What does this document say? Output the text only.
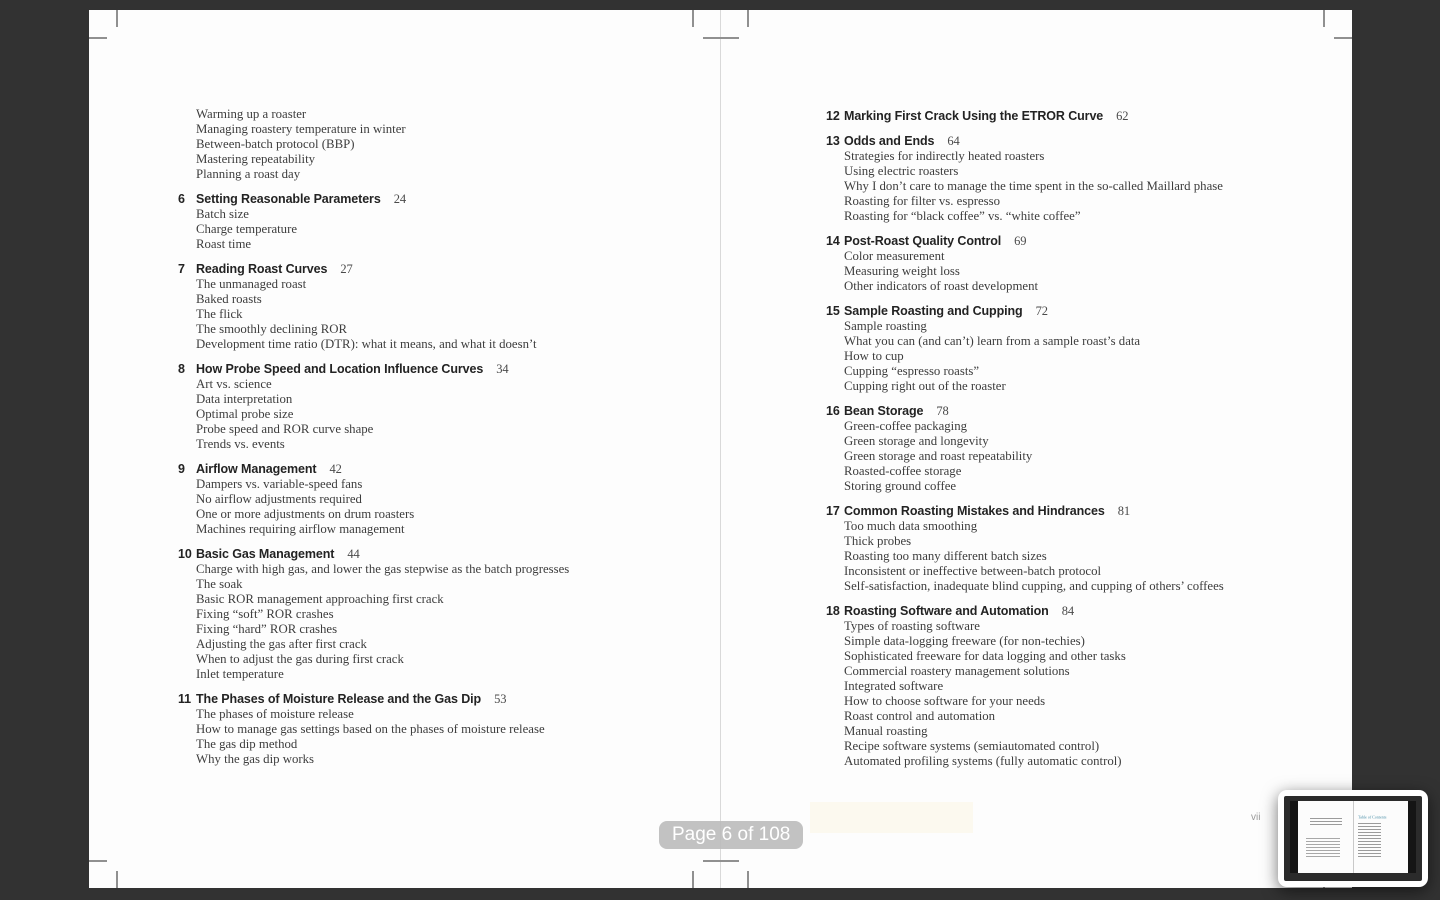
Warming up a roaster
Managing roastery temperature in winter
Between-batch protocol (BBP)
Mastering repeatability
Planning a roast day
6 Setting Reasonable Parameters 24
Batch size
Charge temperature
Roast time
7 Reading Roast Curves 27
The unmanaged roast
Baked roasts
The flick
The smoothly declining ROR
Development time ratio (DTR): what it means, and what it doesn’t
8 How Probe Speed and Location Influence Curves 34
Art vs. science
Data interpretation
Optimal probe size
Probe speed and ROR curve shape
Trends vs. events
9 Airflow Management 42
Dampers vs. variable-speed fans
No airflow adjustments required
One or more adjustments on drum roasters
Machines requiring airflow management
10 Basic Gas Management 44
Charge with high gas, and lower the gas stepwise as the batch progresses
The soak
Basic ROR management approaching first crack
Fixing “soft” ROR crashes
Fixing “hard” ROR crashes
Adjusting the gas after first crack
When to adjust the gas during first crack
Inlet temperature
11 The Phases of Moisture Release and the Gas Dip 53
The phases of moisture release
How to manage gas settings based on the phases of moisture release
The gas dip method
Why the gas dip works
12 Marking First Crack Using the ETROR Curve 62
13 Odds and Ends 64
Strategies for indirectly heated roasters
Using electric roasters
Why I don’t care to manage the time spent in the so-called Maillard phase
Roasting for filter vs. espresso
Roasting for “black coffee” vs. “white coffee”
14 Post-Roast Quality Control 69
Color measurement
Measuring weight loss
Other indicators of roast development
15 Sample Roasting and Cupping 72
Sample roasting
What you can (and can’t) learn from a sample roast’s data
How to cup
Cupping “espresso roasts”
Cupping right out of the roaster
16 Bean Storage 78
Green-coffee packaging
Green storage and longevity
Green storage and roast repeatability
Roasted-coffee storage
Storing ground coffee
17 Common Roasting Mistakes and Hindrances 81
Too much data smoothing
Thick probes
Roasting too many different batch sizes
Inconsistent or ineffective between-batch protocol
Self-satisfaction, inadequate blind cupping, and cupping of others’ coffees
18 Roasting Software and Automation 84
Types of roasting software
Simple data-logging freeware (for non-techies)
Sophisticated freeware for data logging and other tasks
Commercial roastery management solutions
Integrated software
How to choose software for your needs
Roast control and automation
Manual roasting
Recipe software systems (semiautomated control)
Automated profiling systems (fully automatic control)
vii
Page 6 of 108
Table of Contents
